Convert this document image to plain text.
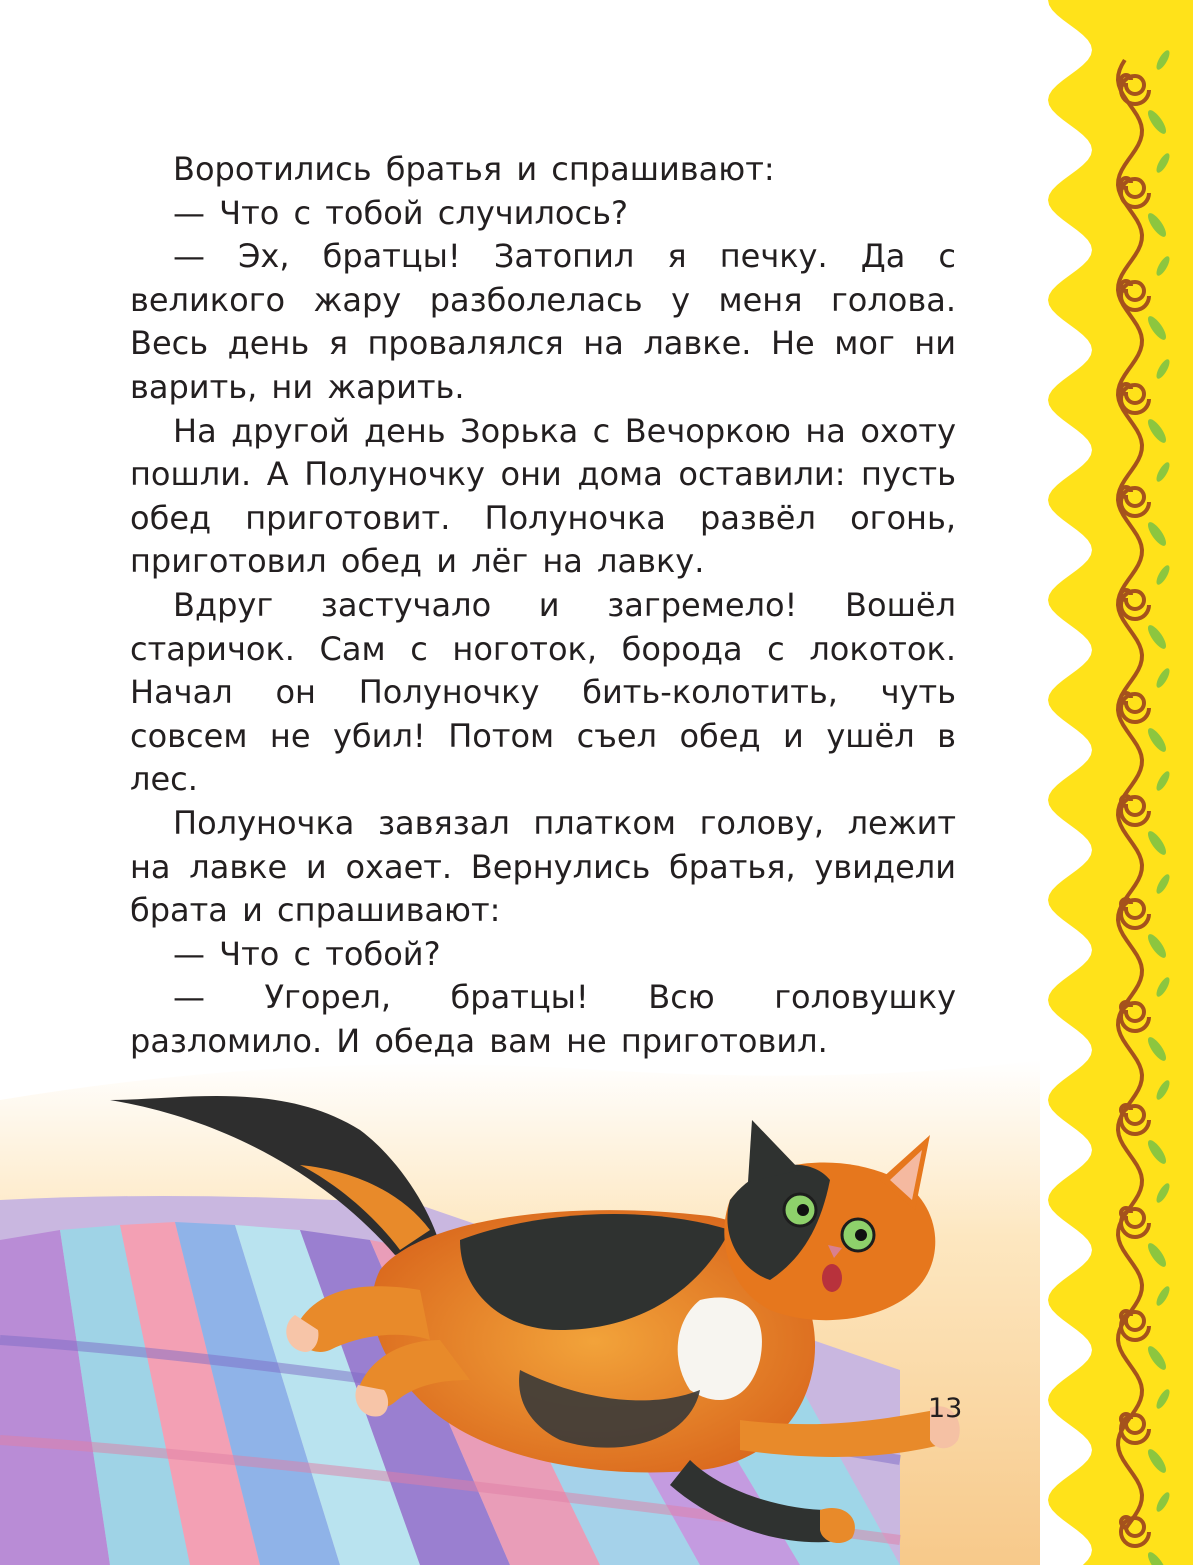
Воротились братья и спрашивают:

— Что с тобой случилось?

— Эх, братцы! Затопил я печку. Да с великого жару разболелась у меня голова. Весь день я провалялся на лавке. Не мог ни варить, ни жарить.

На другой день Зорька с Вечоркою на охоту пошли. А Полуночку они дома оставили: пусть обед приготовит. Полуночка развёл огонь, приготовил обед и лёг на лавку.

Вдруг застучало и загремело! Вошёл старичок. Сам с ноготок, борода с локоток. Начал он Полуночку бить-колотить, чуть совсем не убил! Потом съел обед и ушёл в лес.

Полуночка завязал платком голову, лежит на лавке и охает. Вернулись братья, увидели брата и спрашивают:

— Что с тобой?

— Угорел, братцы! Всю головушку разломило. И обеда вам не приготовил.

13
